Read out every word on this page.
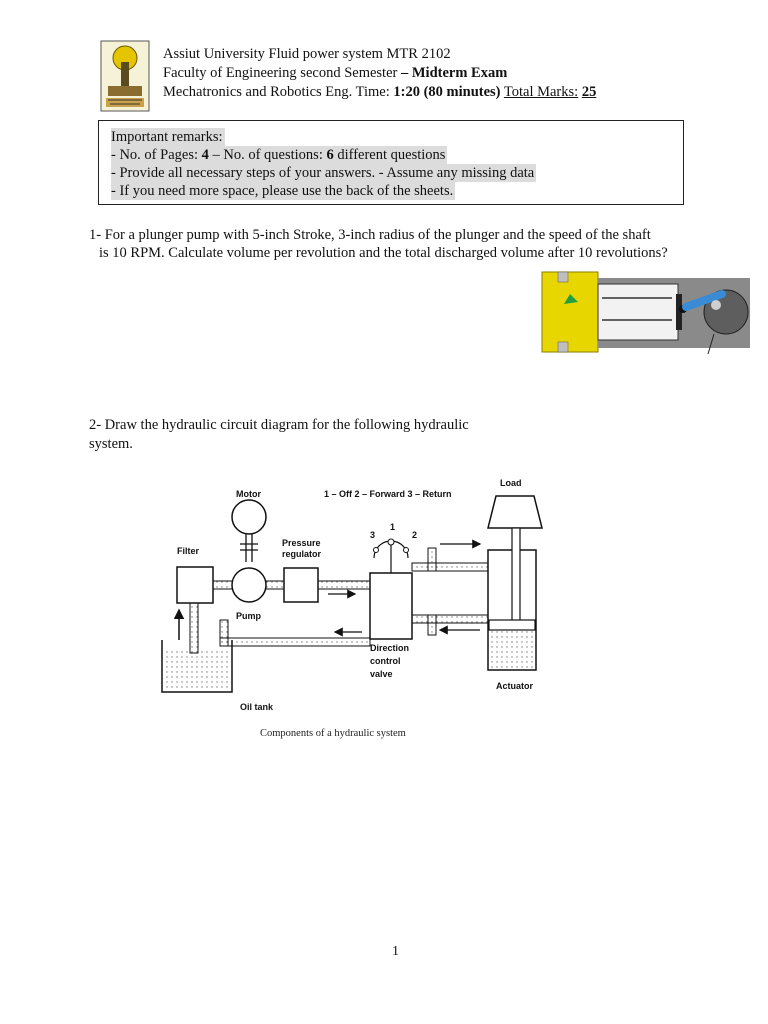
Assiut University Fluid power system MTR 2102
Faculty of Engineering second Semester – Midterm Exam
Mechatronics and Robotics Eng. Time: 1:20 (80 minutes) Total Marks: 25
Important remarks:
- No. of Pages: 4 – No. of questions: 6 different questions
- Provide all necessary steps of your answers. - Assume any missing data
- If you need more space, please use the back of the sheets.
1- For a plunger pump with 5-inch Stroke, 3-inch radius of the plunger and the speed of the shaft
is 10 RPM. Calculate volume per revolution and the total discharged volume after 10 revolutions?
2- Draw the hydraulic circuit diagram for the following hydraulic
system.
Load
Motor	1 – Off 2 – Forward 3 – Return
Filter
Pump
Pressure
regulator
1
2
3
Direction
control
valve
Actuator
Oil tank
Components of a hydraulic system
1
